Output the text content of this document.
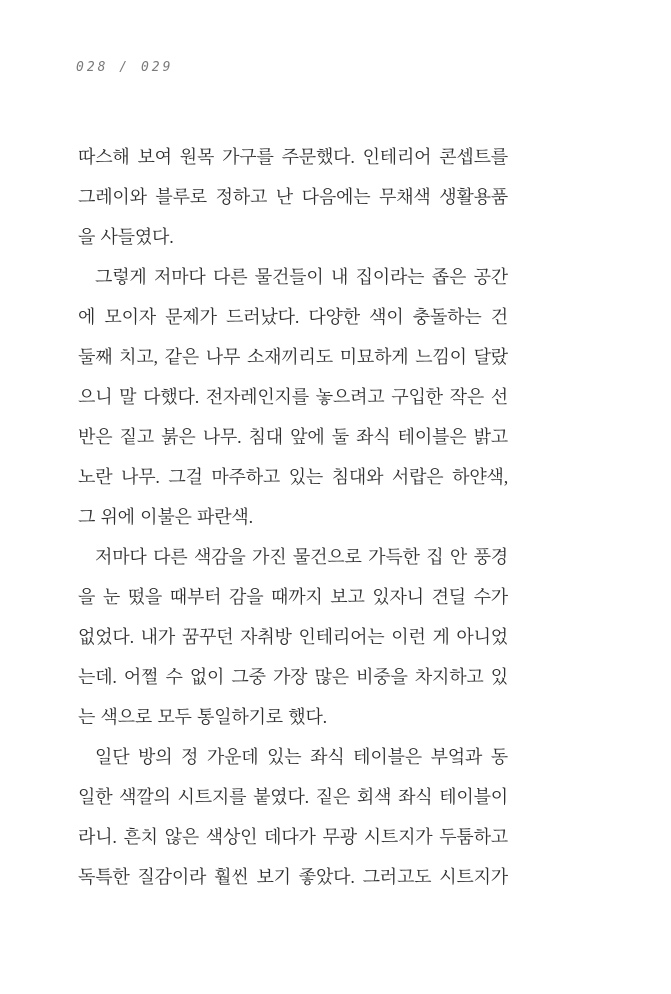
028 / 029
따스해 보여 원목 가구를 주문했다. 인테리어 콘셉트를
그레이와 블루로 정하고 난 다음에는 무채색 생활용품
을 사들였다.
그렇게 저마다 다른 물건들이 내 집이라는 좁은 공간
에 모이자 문제가 드러났다. 다양한 색이 충돌하는 건
둘째 치고, 같은 나무 소재끼리도 미묘하게 느낌이 달랐
으니 말 다했다. 전자레인지를 놓으려고 구입한 작은 선
반은 짙고 붉은 나무. 침대 앞에 둘 좌식 테이블은 밝고
노란 나무. 그걸 마주하고 있는 침대와 서랍은 하얀색,
그 위에 이불은 파란색.
저마다 다른 색감을 가진 물건으로 가득한 집 안 풍경
을 눈 떴을 때부터 감을 때까지 보고 있자니 견딜 수가
없었다. 내가 꿈꾸던 자취방 인테리어는 이런 게 아니었
는데. 어쩔 수 없이 그중 가장 많은 비중을 차지하고 있
는 색으로 모두 통일하기로 했다.
일단 방의 정 가운데 있는 좌식 테이블은 부엌과 동
일한 색깔의 시트지를 붙였다. 짙은 회색 좌식 테이블이
라니. 흔치 않은 색상인 데다가 무광 시트지가 두툼하고
독특한 질감이라 훨씬 보기 좋았다. 그러고도 시트지가
